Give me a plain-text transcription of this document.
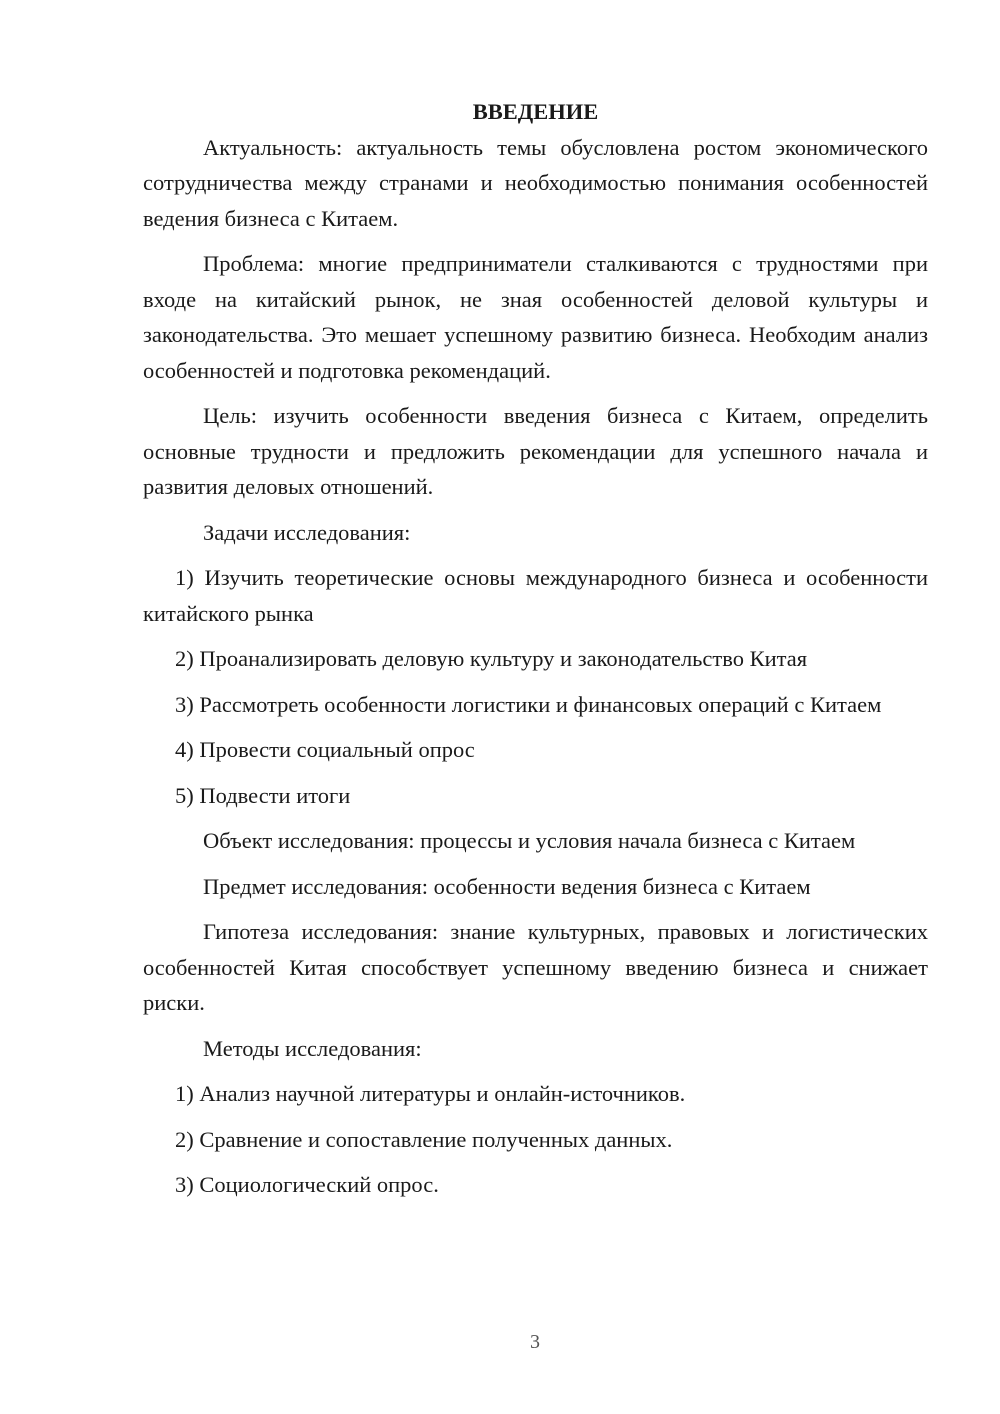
ВВЕДЕНИЕ

Актуальность: актуальность темы обусловлена ростом экономического сотрудничества между странами и необходимостью понимания особенностей ведения бизнеса с Китаем.

Проблема: многие предприниматели сталкиваются с трудностями при входе на китайский рынок, не зная особенностей деловой культуры и законодательства. Это мешает успешному развитию бизнеса. Необходим анализ особенностей и подготовка рекомендаций.

Цель: изучить особенности введения бизнеса с Китаем, определить основные трудности и предложить рекомендации для успешного начала и развития деловых отношений.

Задачи исследования:

1) Изучить теоретические основы международного бизнеса и особенности китайского рынка

2) Проанализировать деловую культуру и законодательство Китая

3) Рассмотреть особенности логистики и финансовых операций с Китаем

4) Провести социальный опрос

5) Подвести итоги

Объект исследования: процессы и условия начала бизнеса с Китаем

Предмет исследования: особенности ведения бизнеса с Китаем

Гипотеза исследования: знание культурных, правовых и логистических особенностей Китая способствует успешному введению бизнеса и снижает риски.

Методы исследования:

1) Анализ научной литературы и онлайн-источников.

2) Сравнение и сопоставление полученных данных.

3) Социологический опрос.

3
